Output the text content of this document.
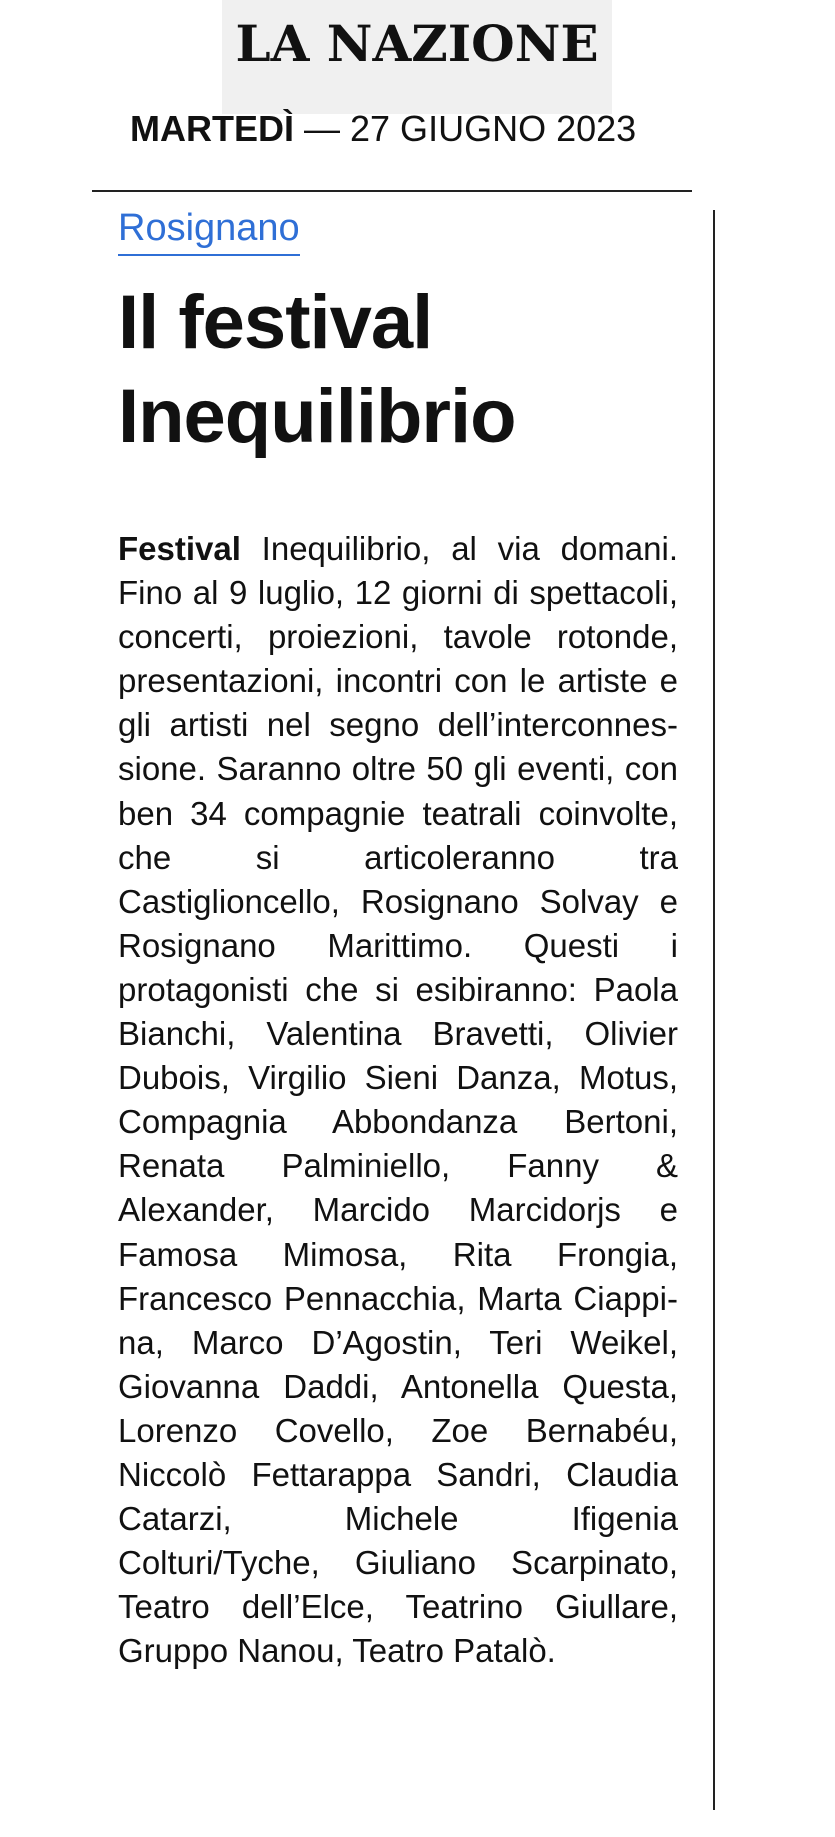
LA NAZIONE
MARTEDÌ — 27 GIUGNO 2023
Rosignano
Il festival
Inequilibrio
Festival Inequilibrio, al via domani. Fino al 9 luglio, 12 giorni di spettacoli, concerti, proiezioni, tavole rotonde, presentazioni, incontri con le artiste e gli artisti nel segno dell’interconnessione. Saranno oltre 50 gli eventi, con ben 34 compagnie teatrali coinvolte, che si articoleranno tra Castiglioncello, Rosignano Solvay e Rosignano Marittimo. Questi i protagonisti che si esibiranno: Paola Bianchi, Valentina Bravetti, Olivier Dubois, Virgilio Sieni Danza, Motus, Compagnia Abbondanza Bertoni, Renata Palminiello, Fanny & Alexander, Marcido Marcidorjs e Famosa Mimosa, Rita Frongia, Francesco Pennacchia, Marta Ciappina, Marco D’Agostin, Teri Weikel, Giovanna Daddi, Antonella Questa, Lorenzo Covello, Zoe Bernabéu, Niccolò Fettarappa Sandri, Claudia Catarzi, Michele Ifigenia Colturi/Tyche, Giuliano Scarpinato, Teatro dell’Elce, Teatrino Giullare, Gruppo Nanou, Teatro Patalò.
